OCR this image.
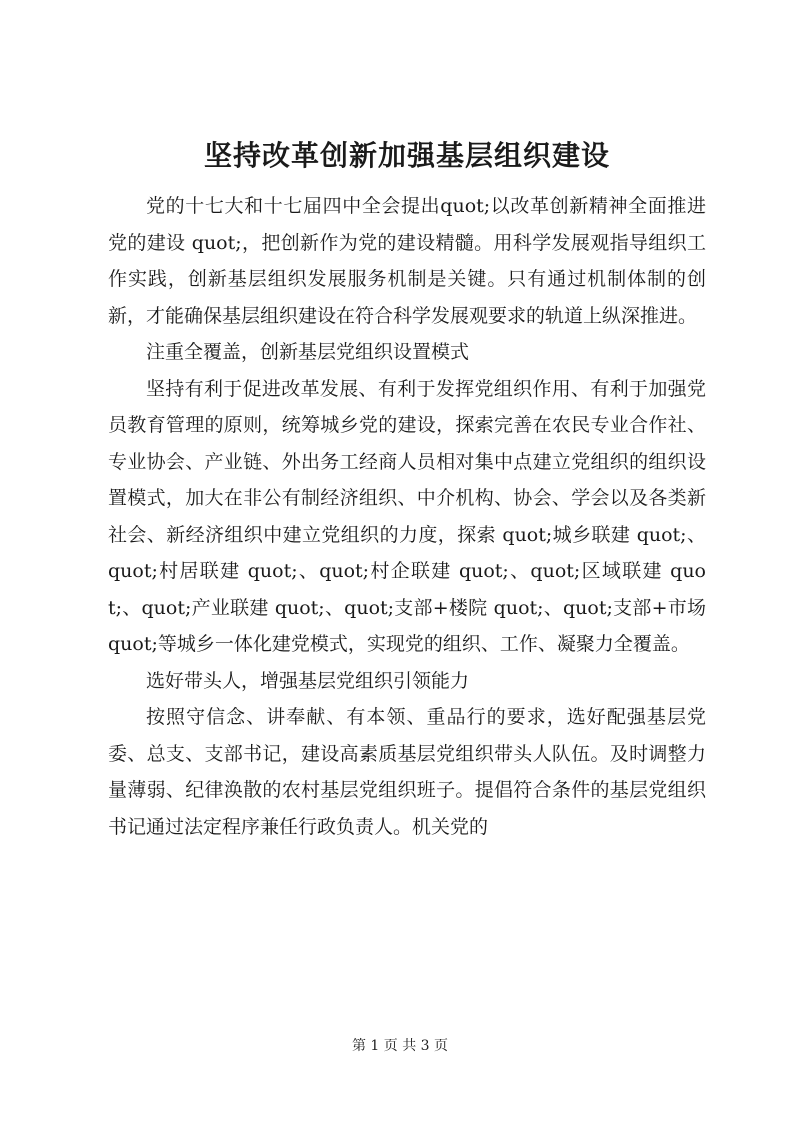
坚持改革创新加强基层组织建设

党的十七大和十七届四中全会提出quot;以改革创新精神全面推进党的建设 quot;，把创新作为党的建设精髓。用科学发展观指导组织工作实践，创新基层组织发展服务机制是关键。只有通过机制体制的创新，才能确保基层组织建设在符合科学发展观要求的轨道上纵深推进。

注重全覆盖，创新基层党组织设置模式

坚持有利于促进改革发展、有利于发挥党组织作用、有利于加强党员教育管理的原则，统筹城乡党的建设，探索完善在农民专业合作社、专业协会、产业链、外出务工经商人员相对集中点建立党组织的组织设置模式，加大在非公有制经济组织、中介机构、协会、学会以及各类新社会、新经济组织中建立党组织的力度，探索 quot;城乡联建 quot;、quot;村居联建 quot;、quot;村企联建 quot;、quot;区域联建 quot;、quot;产业联建 quot;、quot;支部+楼院 quot;、quot;支部+市场 quot;等城乡一体化建党模式，实现党的组织、工作、凝聚力全覆盖。

选好带头人，增强基层党组织引领能力

按照守信念、讲奉献、有本领、重品行的要求，选好配强基层党委、总支、支部书记，建设高素质基层党组织带头人队伍。及时调整力量薄弱、纪律涣散的农村基层党组织班子。提倡符合条件的基层党组织书记通过法定程序兼任行政负责人。机关党的

第 1 页 共 3 页
